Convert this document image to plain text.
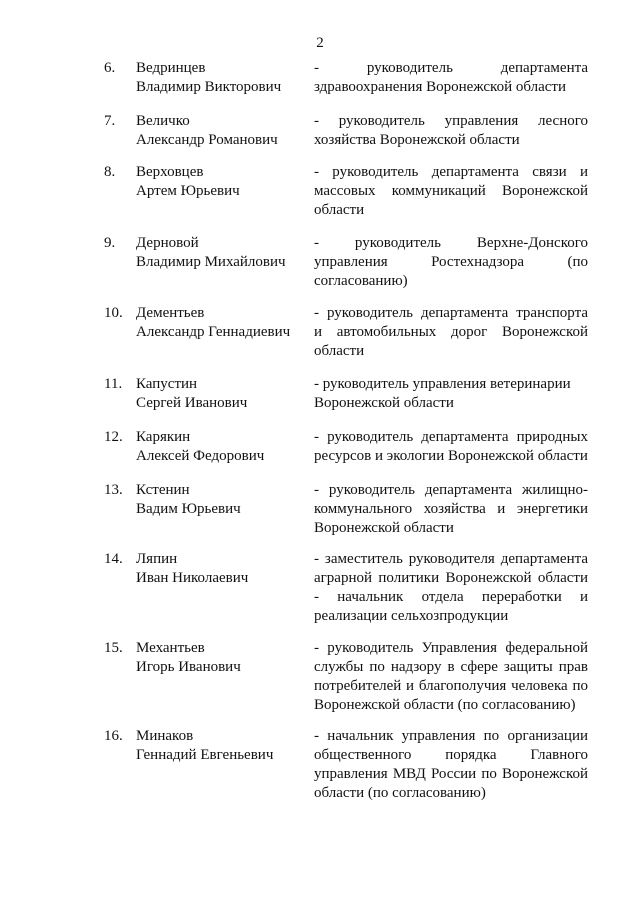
2
6. Ведринцев
Владимир Викторович
- руководитель департамента
здравоохранения Воронежской области
7. Величко
Александр Романович
- руководитель управления лесного
хозяйства Воронежской области
8. Верховцев
Артем Юрьевич
- руководитель департамента связи и
массовых коммуникаций Воронежской
области
9. Дерновой
Владимир Михайлович
- руководитель Верхне-Донского
управления Ростехнадзора (по
согласованию)
10. Дементьев
Александр Геннадиевич
- руководитель департамента транспорта
и автомобильных дорог Воронежской
области
11. Капустин
Сергей Иванович
- руководитель управления ветеринарии
Воронежской области
12. Карякин
Алексей Федорович
- руководитель департамента природных
ресурсов и экологии Воронежской области
13. Кстенин
Вадим Юрьевич
- руководитель департамента жилищно-
коммунального хозяйства и энергетики
Воронежской области
14. Ляпин
Иван Николаевич
- заместитель руководителя департамента
аграрной политики Воронежской области
- начальник отдела переработки и
реализации сельхозпродукции
15. Механтьев
Игорь Иванович
- руководитель Управления федеральной
службы по надзору в сфере защиты прав
потребителей и благополучия человека по
Воронежской области (по согласованию)
16. Минаков
Геннадий Евгеньевич
- начальник управления по организации
общественного порядка Главного
управления МВД России по Воронежской
области (по согласованию)
